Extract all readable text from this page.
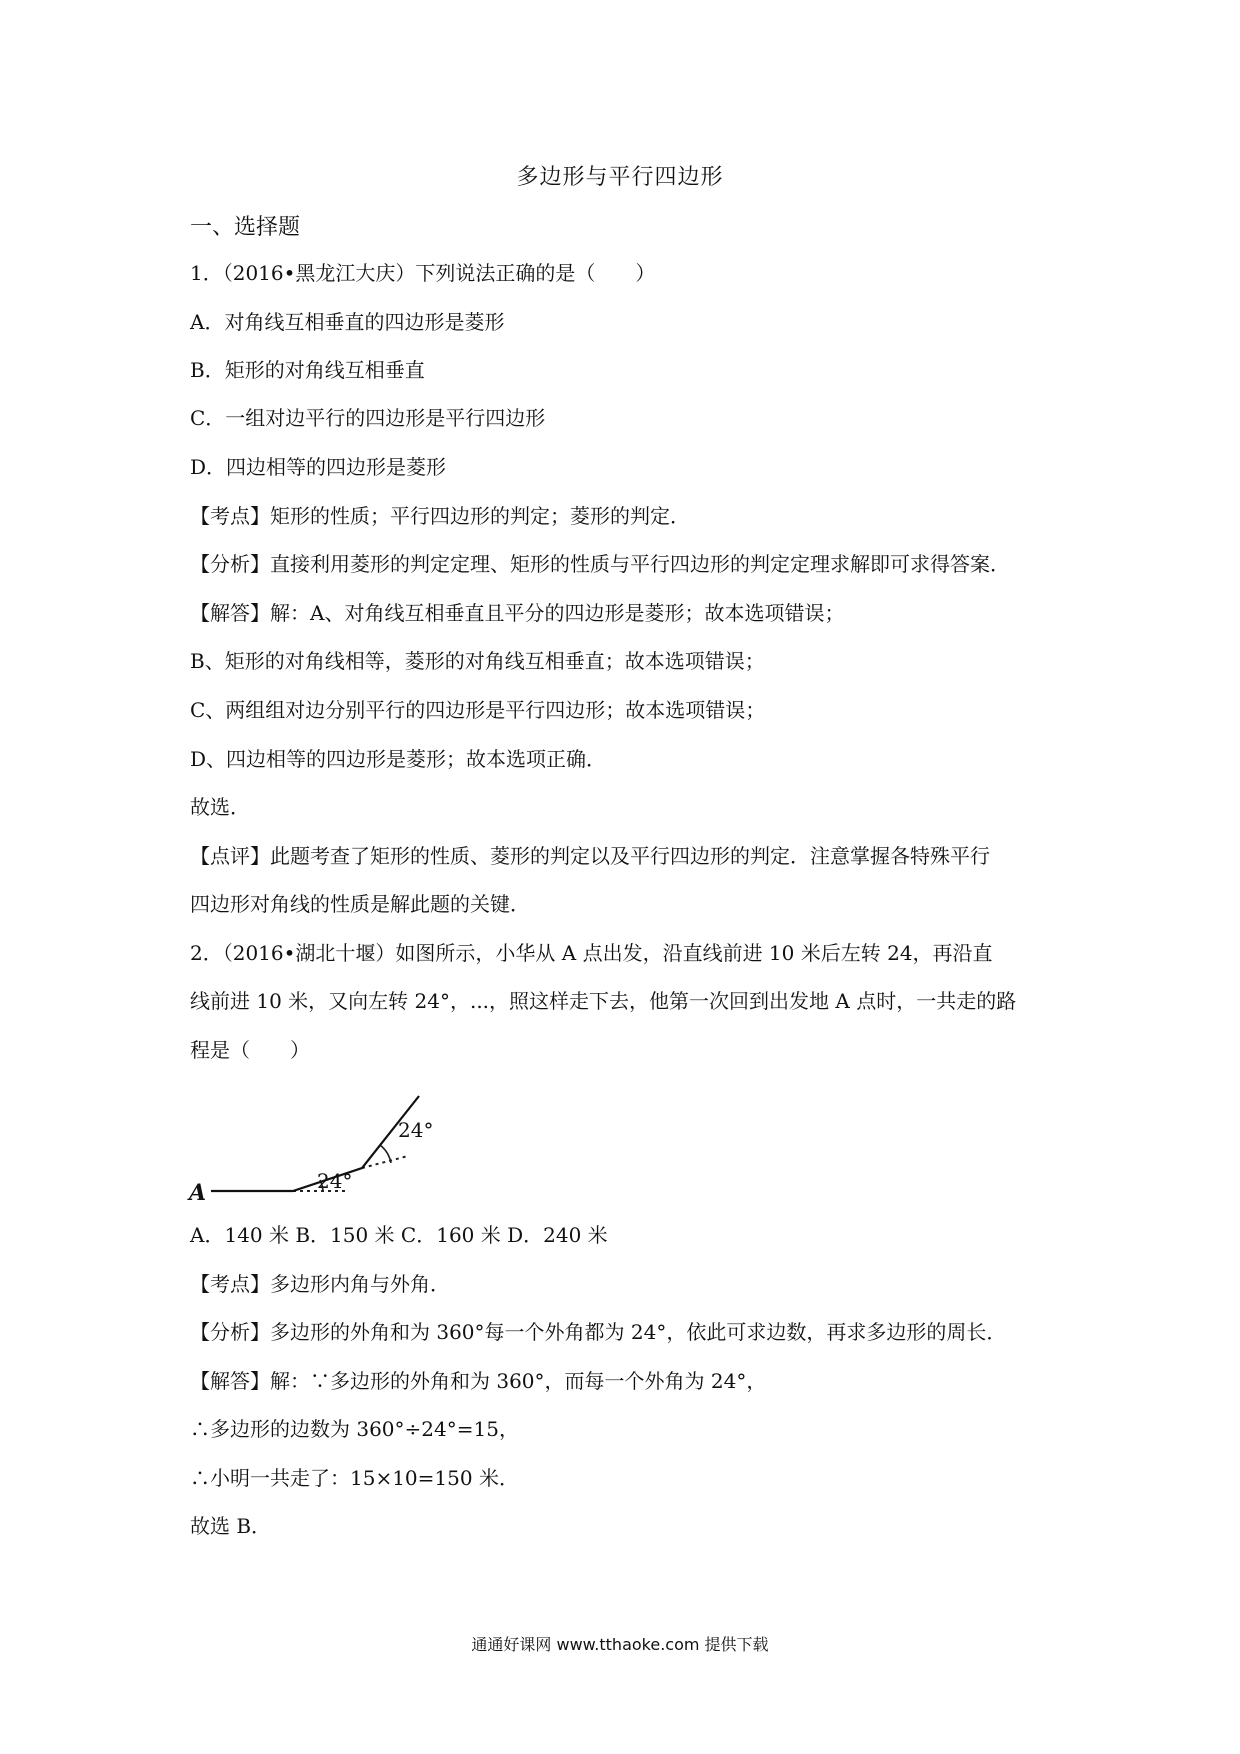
多边形与平行四边形
一、选择题
1．（2016•黑龙江大庆）下列说法正确的是（　　）
A．对角线互相垂直的四边形是菱形
B．矩形的对角线互相垂直
C．一组对边平行的四边形是平行四边形
D．四边相等的四边形是菱形
【考点】矩形的性质；平行四边形的判定；菱形的判定．
【分析】直接利用菱形的判定定理、矩形的性质与平行四边形的判定定理求解即可求得答案．
【解答】解：A、对角线互相垂直且平分的四边形是菱形；故本选项错误；
B、矩形的对角线相等，菱形的对角线互相垂直；故本选项错误；
C、两组组对边分别平行的四边形是平行四边形；故本选项错误；
D、四边相等的四边形是菱形；故本选项正确．
故选．
【点评】此题考查了矩形的性质、菱形的判定以及平行四边形的判定．注意掌握各特殊平行
四边形对角线的性质是解此题的关键．
2．（2016•湖北十堰）如图所示，小华从 A 点出发，沿直线前进 10 米后左转 24，再沿直
线前进 10 米，又向左转 24°，...，照这样走下去，他第一次回到出发地 A 点时，一共走的路
程是（　　）
A	24°
24°
A．140 米 B．150 米 C．160 米 D．240 米
【考点】多边形内角与外角．
【分析】多边形的外角和为 360°每一个外角都为 24°，依此可求边数，再求多边形的周长．
【解答】解：∵多边形的外角和为 360°，而每一个外角为 24°，
∴多边形的边数为 360°÷24°=15，
∴小明一共走了：15×10=150 米．
故选 B．
通通好课网 www.tthaoke.com 提供下载
